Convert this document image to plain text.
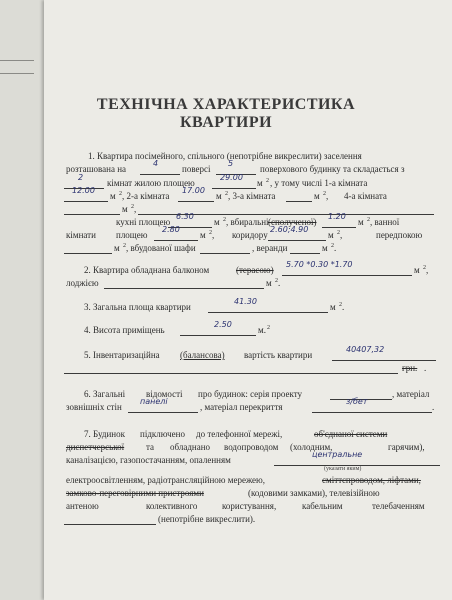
ТЕХНІЧНА ХАРАКТЕРИСТИКА
КВАРТИРИ
1. Квартира посімейного, спільного (непотрібне викреслити) заселення
розташована на
4
поверсі
5
поверхового будинку та складається з
2
кімнат жилою площею
29.00
м 2 , у тому числі 1-а кімната
12.00
м 2 , 2-а кімната
17.00
м 2 , 3-а кімната	м 2 , 4-а кімната
м 2 ,
кухні площею
6.30
м 2 , вбиральні (сполученої)
1.20
м 2 , ванної
кімнати площею
2.80
м 2 , коридору
2.60;4.90
м 2 ,	передпокою
м 2 , вбудованої шафи	, веранди	м 2 .
2. Квартира обладнана балконом	(терасою)
5.70 *0.30 *1.70
м 2 ,
лоджією	м 2 .
3. Загальна площа квартири
41.30
м 2 .
4. Висота приміщень
2.50
м. 2
5. Інвентаризаційна (балансова) вартість квартири
40407,32
грн. .
6. Загальні відомості про будинок: серія проекту	, матеріал
зовнішніх стін
панелі
, матеріал перекриття
з/бет
.
7. Будинок підключено до телефонної мережі,	об'єднаної системи
диспетчерської та обладнано водопроводом (холодним,	гарячим),
каналізацією, газопостачанням, опаленням
центральне
(указати яким)
електроосвітленням, радіотрансляційною мережею,	сміттєпроводом, ліфтами,
замково-переговірними пристроями	(кодовими замками), телевізійною
антеною	колективного	користування,	кабельним	телебаченням
(непотрібне викреслити).
